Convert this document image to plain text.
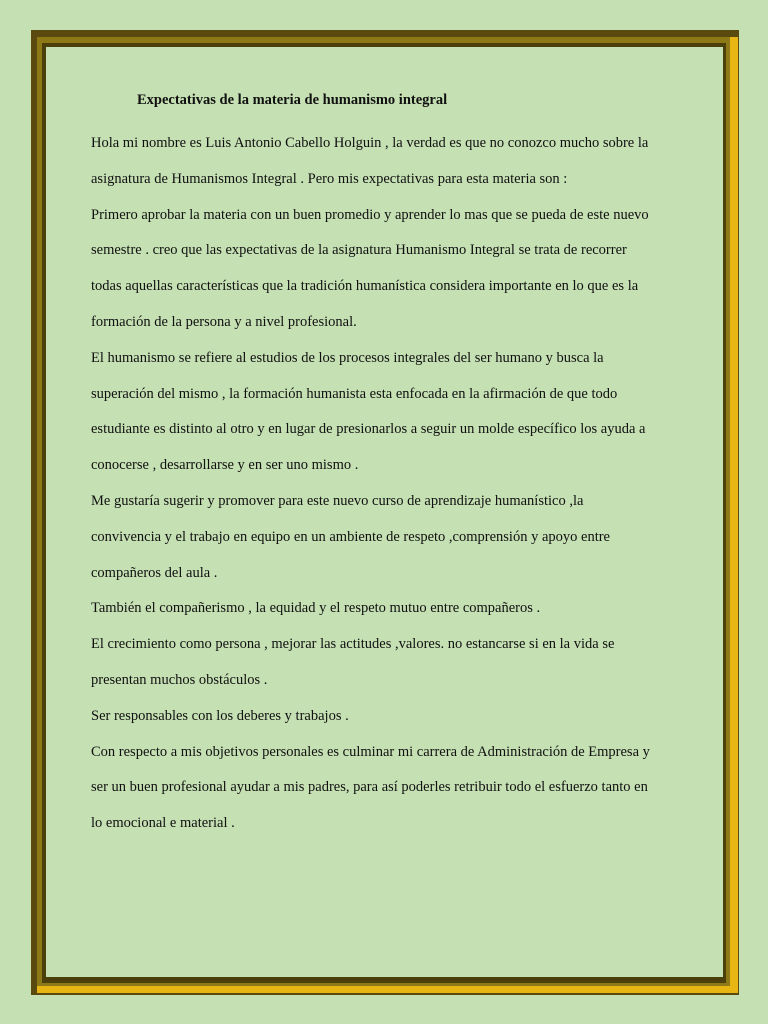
Expectativas de la materia de humanismo integral
Hola mi nombre es Luis Antonio Cabello Holguin , la verdad es que no conozco mucho sobre la
asignatura de Humanismos Integral . Pero mis expectativas para esta materia son :
Primero aprobar la materia con un buen promedio y aprender lo mas que se pueda de este nuevo
semestre . creo que las expectativas de la asignatura Humanismo Integral se trata de recorrer
todas aquellas características que la tradición humanística considera importante en lo que es la
formación de la persona y a nivel profesional.
El humanismo se refiere al estudios de los procesos integrales del ser humano y busca la
superación del mismo , la formación humanista esta enfocada en la afirmación de que todo
estudiante es distinto al otro y en lugar de presionarlos a seguir un molde específico los ayuda a
conocerse , desarrollarse y en ser uno mismo .
Me gustaría sugerir y promover para este nuevo curso de aprendizaje humanístico ,la
convivencia y el trabajo en equipo en un ambiente de respeto ,comprensión y apoyo entre
compañeros del aula .
También el compañerismo , la equidad y el respeto mutuo entre compañeros .
El crecimiento como persona , mejorar las actitudes ,valores. no estancarse si en la vida se
presentan muchos obstáculos .
Ser responsables con los deberes y trabajos .
Con respecto a mis objetivos personales es culminar mi carrera de Administración de Empresa y
ser un buen profesional ayudar a mis padres, para así poderles retribuir todo el esfuerzo tanto en
lo emocional e material .
